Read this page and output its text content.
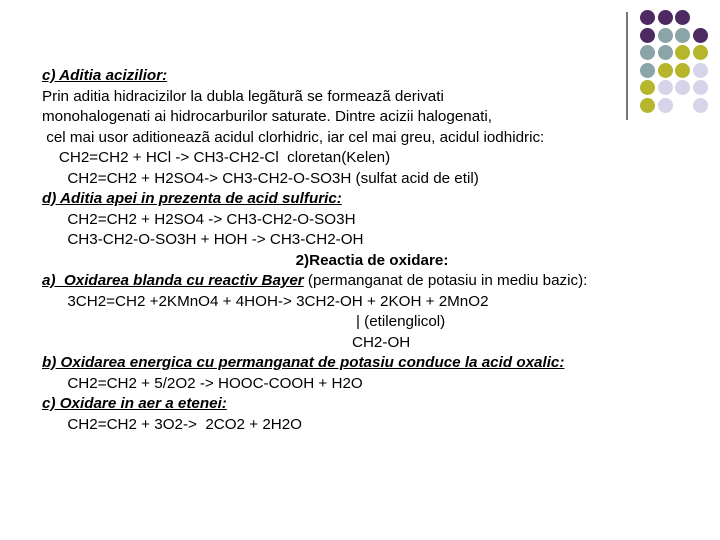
c) Aditia acizilior:
Prin aditia hidracizilor la dubla legãturã se formeazã derivati
monohalogenati ai hidrocarburilor saturate. Dintre acizii halogenati,
cel mai usor aditioneazã acidul clorhidric, iar cel mai greu, acidul iodhidric:
CH2=CH2 + HCl -> CH3-CH2-Cl  cloretan(Kelen)
CH2=CH2 + H2SO4-> CH3-CH2-O-SO3H (sulfat acid de etil)
d) Aditia apei in prezenta de acid sulfuric:
CH2=CH2 + H2SO4 -> CH3-CH2-O-SO3H
CH3-CH2-O-SO3H + HOH -> CH3-CH2-OH
2)Reactia de oxidare:
a)  Oxidarea blanda cu reactiv Bayer (permanganat de potasiu in mediu bazic):
3CH2=CH2 +2KMnO4 + 4HOH-> 3CH2-OH + 2KOH + 2MnO2
| (etilenglicol)
CH2-OH
b) Oxidarea energica cu permanganat de potasiu conduce la acid oxalic:
CH2=CH2 + 5/2O2 -> HOOC-COOH + H2O
c) Oxidare in aer a etenei:
CH2=CH2 + 3O2->  2CO2 + 2H2O
